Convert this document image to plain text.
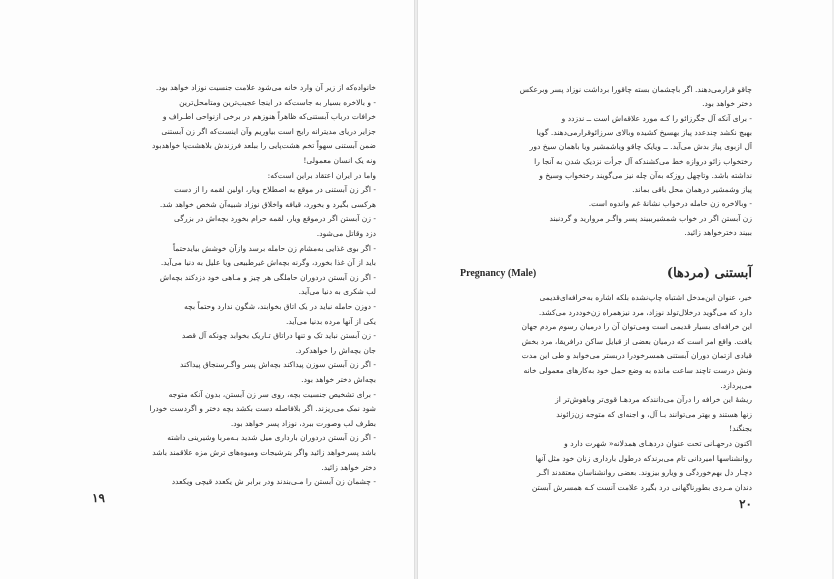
خانواده‌که از زیر آن وارد خانه می‌شود علامت جنسیت نوزاد خواهد بود.
- و بالاخره بسیار به جاست‌که در اینجا عجیب‌ترین ومتامحل‌ترین
خرافات درباب آبستنی‌که ظاهراً هنوزهم در برخی ازنواحی اطـراف و
جزایر دریای مدیترانه رایج است بیاوریم وآن اینست‌که اگر زن آبستنی
ضمن آبستنی سهواً تخم هشت‌پایی را ببلعد فرزندش بلاهشت‌پا خواهد‌بود
ونه یک انسان معمولی!
واما در ایران اعتقاد براین است‌که:
- اگر زن آبستنی در موقع به اصطلاح ویار، اولین لقمه را از دست
هرکسی بگیرد و بخورد، قیافه واخلاق نوزاد شبیه‌آن شخص خواهد شد.
- زن آبستن اگر درموقع ویار، لقمه حرام بخورد بچه‌اش در بزرگی
دزد وقاتل می‌شود.
- اگر بوی غذایی به‌مشام زن حامله برسد وازآن خوشش بیایدحتماً
باید از آن غذا بخورد، وگرنه بچه‌اش غیرطبیعی ویا علیل به دنیا می‌آید.
- اگر زن آبستن دردوران حاملگی هر چیز و مـاهی خود دزدکند بچه‌اش
لب شکری به دنیا می‌آید.
- دوزن حامله نباید در یک اتاق بخوابند، شگون ندارد وحتماً بچه
یکی از آنها مرده بدنیا می‌آید.
- زن آبستن نباید تک و تنها دراتاق تـاریک بخوابد چونکه آل قصد
جان بچه‌اش را خواهدکرد.
- اگر زن آبستن سوزن پیداکند بچه‌اش پسر واگـرسنجاق پیداکند
بچه‌اش دختر خواهد بود.
- برای تشخیص جنسیت بچه، روی سر زن آبستن، بدون آنکه متوجه
شود نمک می‌ریزند. اگر بلافاصله دست بکشد بچه دختر و اگردست خودرا
بطرف لب وصورت ببرد، نوزاد پسر خواهد بود.
- اگر زن آبستن دردوران بارداری میل شدید بـه‌مربا وشیرینی داشته
باشد پسر‌خواهد زائید واگر بترشیجات ومیوه‌های ترش مزه علاقمند باشد
دختر خواهد زائید.
- چشمان زن آبستن را مـی‌بندند ودر برابر ش یکعدد قیچی ویکعدد
۱۹
چاقو قرارمی‌دهند. اگر باچشمان بسته چاقورا برداشت نوزاد پسر وبرعکس
دختر خواهد بود.
- برای آنکه آل جگرزائو را کـه مورد علاقه‌اش است ــ ندزدد و
بهیچ نکشد چندعدد پیاز بهسیخ کشیده وبالای سرزائوقرارمی‌دهند. گویا
آل ازبوی پیاز بدش می‌آید. ــ ویایک چاقو ویاشمشیر ویا باهمان سیخ دور
رختخواب زائو دروازه خط می‌کشندکه آل جرأت نزدیک شدن به آنجا را
نداشته باشد. وتاچهل روزکه به‌آن چله نیز می‌گویند رختخواب وسیخ و
پیاز وشمشیر درهمان محل باقی بماند.
- وبالاخره زن حامله درخواب نشانهٔ غم واندوه است.
زن آبستن اگر در خواب شمشیرببیند پسر واگـر مروارید و گردنبند
ببیند دخترخواهد زائید.
آبستنی (مردها)
Pregnancy (Male)
خیر، عنوان این‌مدخل اشتباه چاپ‌نشده بلکه اشاره به‌خرافه‌ای‌قدیمی
دارد که می‌گوید درخلال‌تولد نوزاد، مرد نیزهمراه زن‌خوددرد می‌کشد.
این خرافه‌ای بسیار قدیمی است ومی‌توان آن را درمیان رسوم مردم جهان
یافت. واقع امر است که درمیان بعضی از قبایل ساکن درافریقا، مرد بخش
قیادی ازتمان دوران آبستنی همسرخودرا دربستر می‌خوابد و طی این مدت
ونش درست تاچند ساعت مانده به وضع حمل خود به‌کارهای معمولی خانه
می‌پردازد.
ریشهٔ این خرافه را درآن می‌دانندکه مردهـا قوی‌تر وباهوش‌تر از
زنها هستند و بهتر می‌توانند بـا آل، و اجنه‌ای که متوجه زن‌زائو‌ند
بجنگند!
اکنون درحهـانی تحت عنوان دردهـای همدلانه« شهرت دارد و
روانشناسها امیردانی تام می‌برندکه درطول بارداری زنان خود مثل آنها
دچـار دل بهم‌خوردگی و ویارو بیزوند. بعضی روانشناسان معتقدند اگـر
دندان مـردی بطورناگهانی درد بگیرد علامت آنست کـه همسرش آبستن
۲۰
